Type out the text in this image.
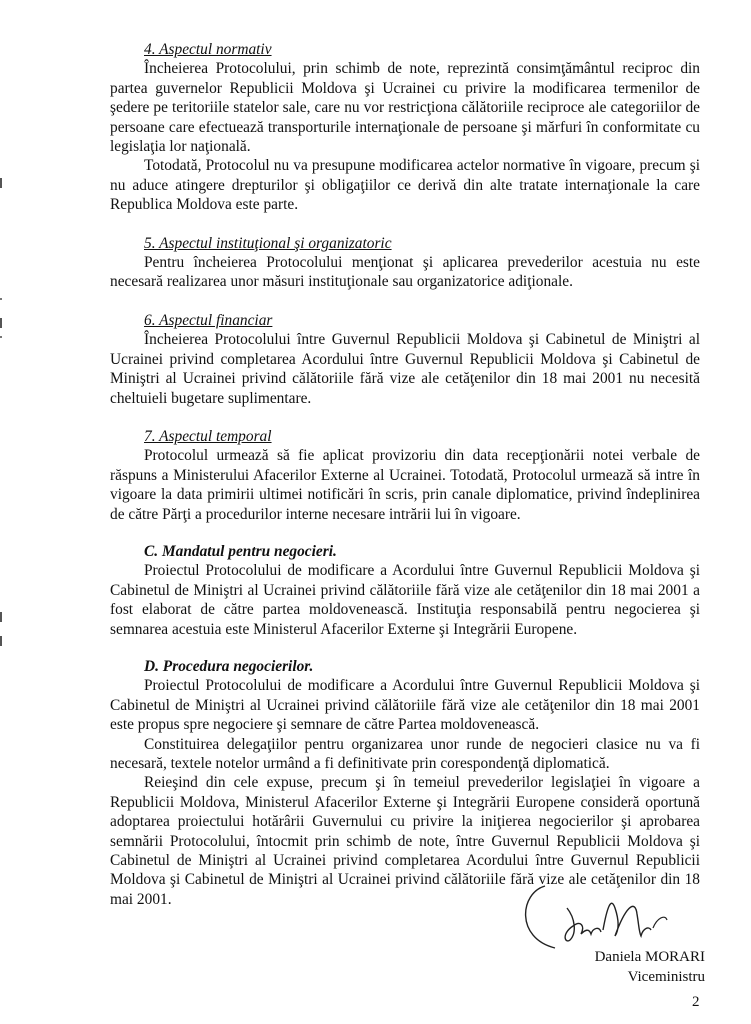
4. Aspectul normativ

Încheierea Protocolului, prin schimb de note, reprezintă consimţământul reciproc din partea guvernelor Republicii Moldova şi Ucrainei cu privire la modificarea termenilor de şedere pe teritoriile statelor sale, care nu vor restricţiona călătoriile reciproce ale categoriilor de persoane care efectuează transporturile internaţionale de persoane şi mărfuri în conformitate cu legislaţia lor naţională.

Totodată, Protocolul nu va presupune modificarea actelor normative în vigoare, precum şi nu aduce atingere drepturilor şi obligaţiilor ce derivă din alte tratate internaţionale la care Republica Moldova este parte.

5. Aspectul instituţional şi organizatoric

Pentru încheierea Protocolului menţionat şi aplicarea prevederilor acestuia nu este necesară realizarea unor măsuri instituţionale sau organizatorice adiţionale.

6. Aspectul financiar

Încheierea Protocolului între Guvernul Republicii Moldova şi Cabinetul de Miniştri al Ucrainei privind completarea Acordului între Guvernul Republicii Moldova şi Cabinetul de Miniştri al Ucrainei privind călătoriile fără vize ale cetăţenilor din 18 mai 2001 nu necesită cheltuieli bugetare suplimentare.

7. Aspectul temporal

Protocolul urmează să fie aplicat provizoriu din data recepţionării notei verbale de răspuns a Ministerului Afacerilor Externe al Ucrainei. Totodată, Protocolul urmează să intre în vigoare la data primirii ultimei notificări în scris, prin canale diplomatice, privind îndeplinirea de către Părţi a procedurilor interne necesare intrării lui în vigoare.

C. Mandatul pentru negocieri.

Proiectul Protocolului de modificare a Acordului între Guvernul Republicii Moldova şi Cabinetul de Miniştri al Ucrainei privind călătoriile fără vize ale cetăţenilor din 18 mai 2001 a fost elaborat de către partea moldovenească. Instituţia responsabilă pentru negocierea şi semnarea acestuia este Ministerul Afacerilor Externe şi Integrării Europene.

D. Procedura negocierilor.

Proiectul Protocolului de modificare a Acordului între Guvernul Republicii Moldova şi Cabinetul de Miniştri al Ucrainei privind călătoriile fără vize ale cetăţenilor din 18 mai 2001 este propus spre negociere şi semnare de către Partea moldovenească.

Constituirea delegaţiilor pentru organizarea unor runde de negocieri clasice nu va fi necesară, textele notelor urmând a fi definitivate prin corespondenţă diplomatică.

Reieşind din cele expuse, precum şi în temeiul prevederilor legislaţiei în vigoare a Republicii Moldova, Ministerul Afacerilor Externe şi Integrării Europene consideră oportună adoptarea proiectului hotărârii Guvernului cu privire la iniţierea negocierilor şi aprobarea semnării Protocolului, întocmit prin schimb de note, între Guvernul Republicii Moldova şi Cabinetul de Miniştri al Ucrainei privind completarea Acordului între Guvernul Republicii Moldova şi Cabinetul de Miniştri al Ucrainei privind călătoriile fără vize ale cetăţenilor din 18 mai 2001.

Daniela MORARI
Viceministru
2
